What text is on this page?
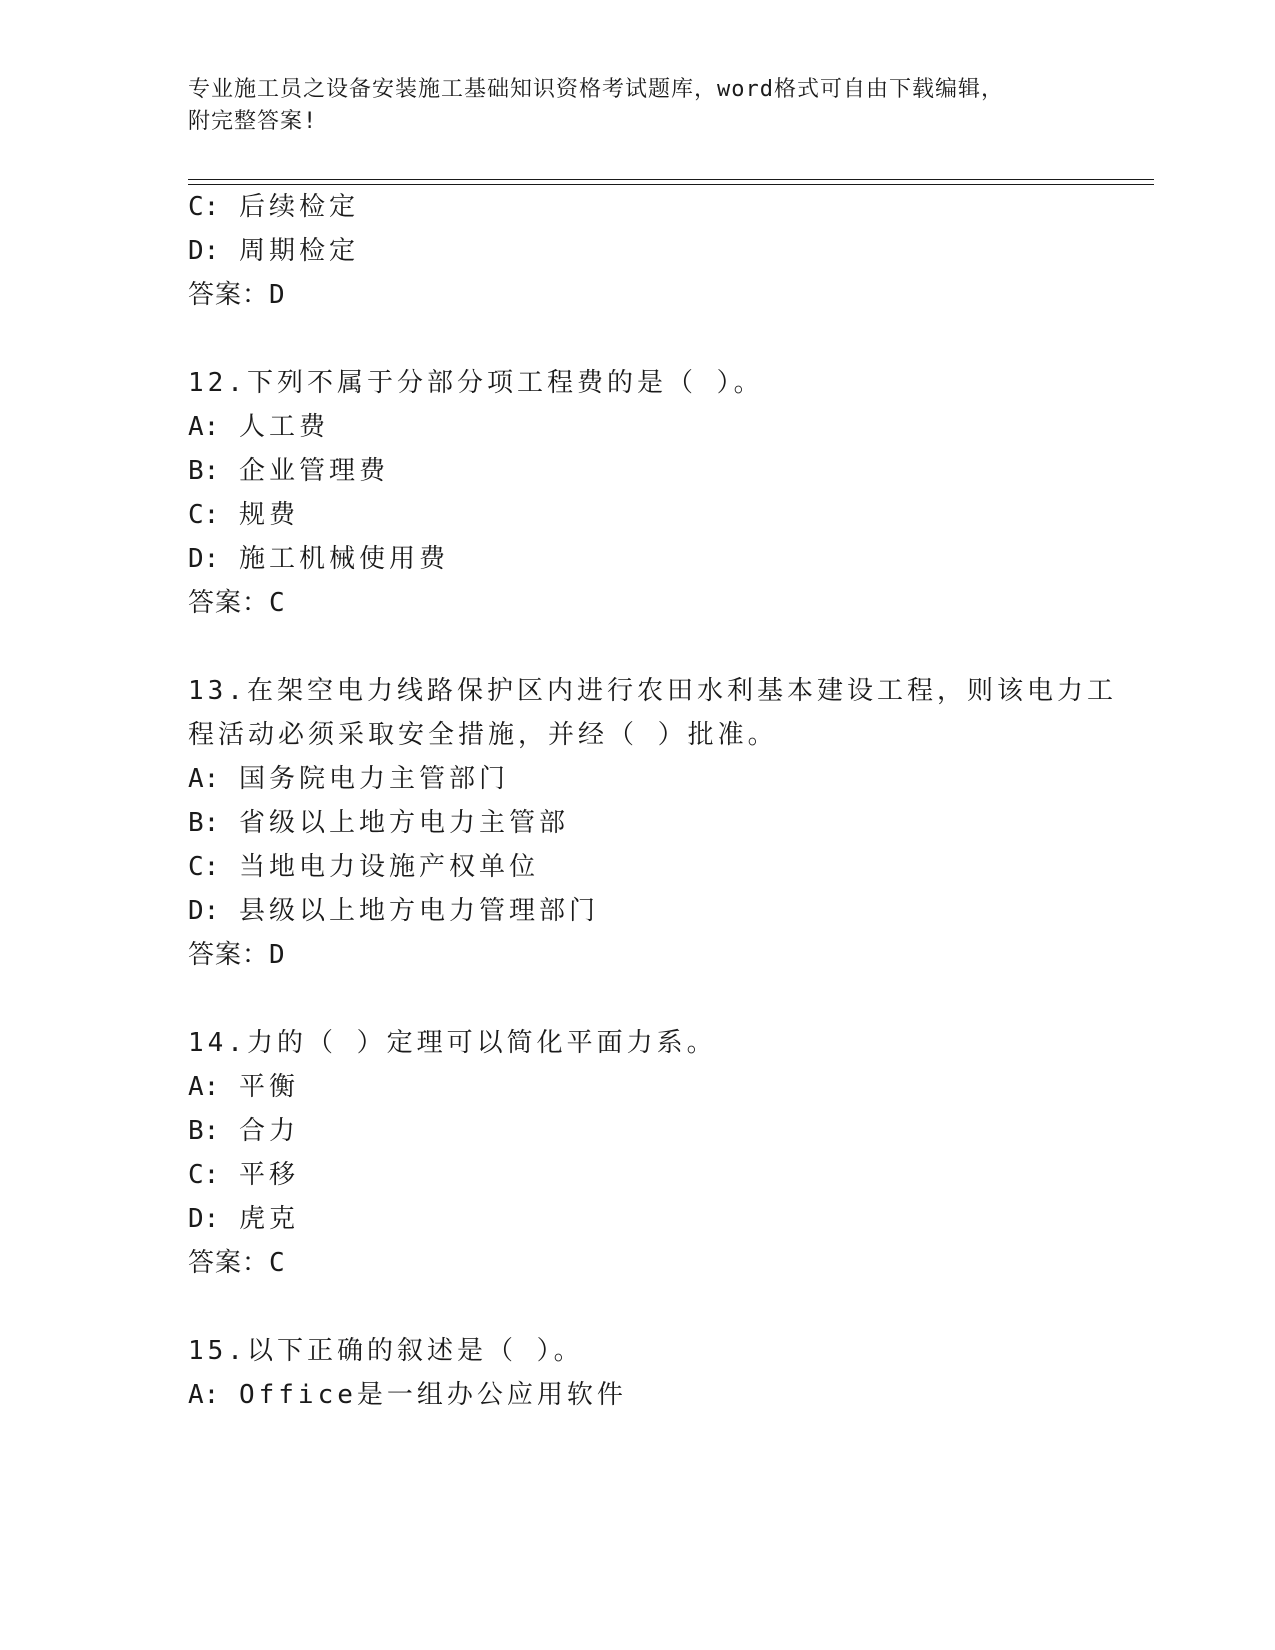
专业施工员之设备安装施工基础知识资格考试题库，word格式可自由下载编辑，
附完整答案!
C: 后续检定
D: 周期检定
答案：D
12.下列不属于分部分项工程费的是（ ）。
A: 人工费
B: 企业管理费
C: 规费
D: 施工机械使用费
答案：C
13.在架空电力线路保护区内进行农田水利基本建设工程，则该电力工
程活动必须采取安全措施，并经（ ）批准。
A: 国务院电力主管部门
B: 省级以上地方电力主管部
C: 当地电力设施产权单位
D: 县级以上地方电力管理部门
答案：D
14.力的（ ）定理可以简化平面力系。
A: 平衡
B: 合力
C: 平移
D: 虎克
答案：C
15.以下正确的叙述是（ ）。
A: Office是一组办公应用软件
